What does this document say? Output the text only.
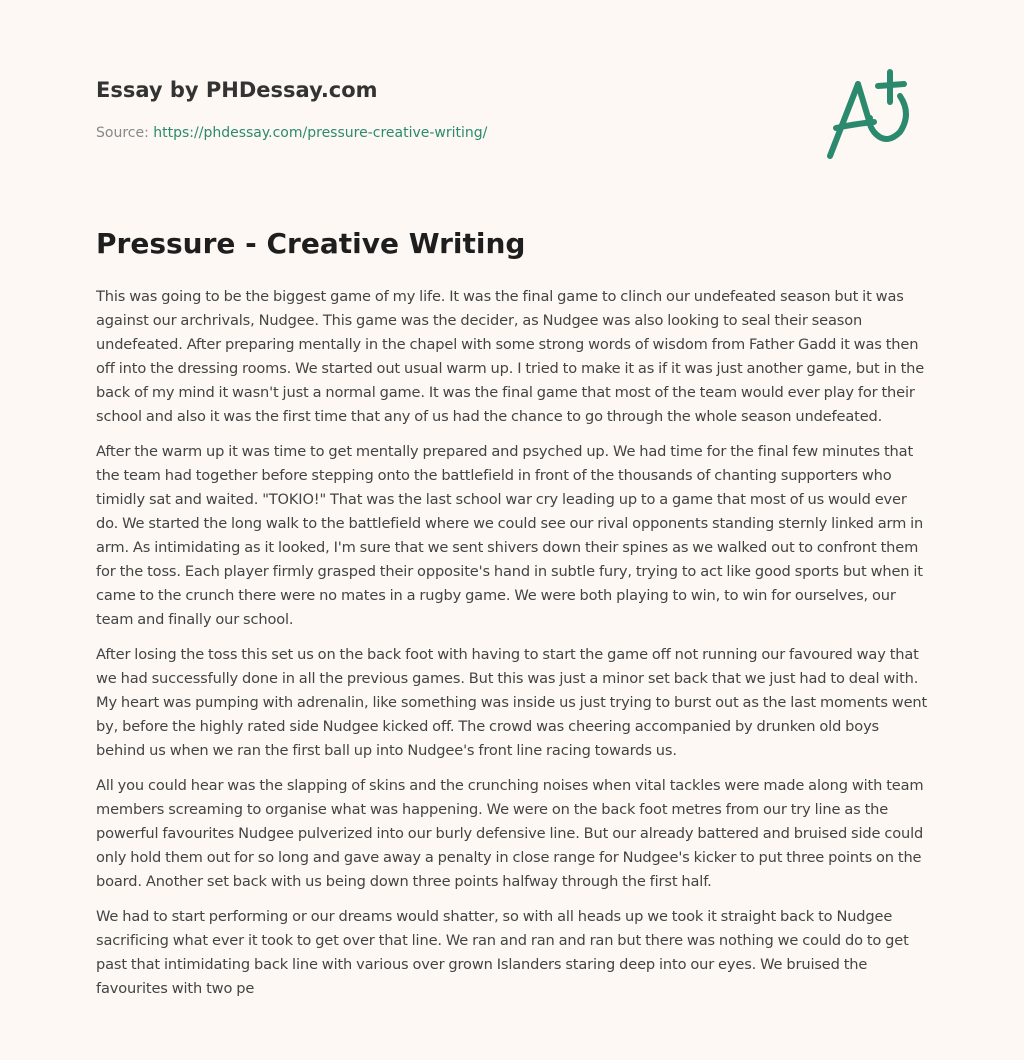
Essay by PHDessay.com
Source: https://phdessay.com/pressure-creative-writing/
Pressure - Creative Writing

This was going to be the biggest game of my life. It was the final game to clinch our undefeated season but it was against our archrivals, Nudgee. This game was the decider, as Nudgee was also looking to seal their season undefeated. After preparing mentally in the chapel with some strong words of wisdom from Father Gadd it was then off into the dressing rooms. We started out usual warm up. I tried to make it as if it was just another game, but in the back of my mind it wasn't just a normal game. It was the final game that most of the team would ever play for their school and also it was the first time that any of us had the chance to go through the whole season undefeated.

After the warm up it was time to get mentally prepared and psyched up. We had time for the final few minutes that the team had together before stepping onto the battlefield in front of the thousands of chanting supporters who timidly sat and waited. "TOKIO!" That was the last school war cry leading up to a game that most of us would ever do. We started the long walk to the battlefield where we could see our rival opponents standing sternly linked arm in arm. As intimidating as it looked, I'm sure that we sent shivers down their spines as we walked out to confront them for the toss. Each player firmly grasped their opposite's hand in subtle fury, trying to act like good sports but when it came to the crunch there were no mates in a rugby game. We were both playing to win, to win for ourselves, our team and finally our school.

After losing the toss this set us on the back foot with having to start the game off not running our favoured way that we had successfully done in all the previous games. But this was just a minor set back that we just had to deal with. My heart was pumping with adrenalin, like something was inside us just trying to burst out as the last moments went by, before the highly rated side Nudgee kicked off. The crowd was cheering accompanied by drunken old boys behind us when we ran the first ball up into Nudgee's front line racing towards us.

All you could hear was the slapping of skins and the crunching noises when vital tackles were made along with team members screaming to organise what was happening. We were on the back foot metres from our try line as the powerful favourites Nudgee pulverized into our burly defensive line. But our already battered and bruised side could only hold them out for so long and gave away a penalty in close range for Nudgee's kicker to put three points on the board. Another set back with us being down three points halfway through the first half.

We had to start performing or our dreams would shatter, so with all heads up we took it straight back to Nudgee sacrificing what ever it took to get over that line. We ran and ran and ran but there was nothing we could do to get past that intimidating back line with various over grown Islanders staring deep into our eyes. We bruised the favourites with two pe
